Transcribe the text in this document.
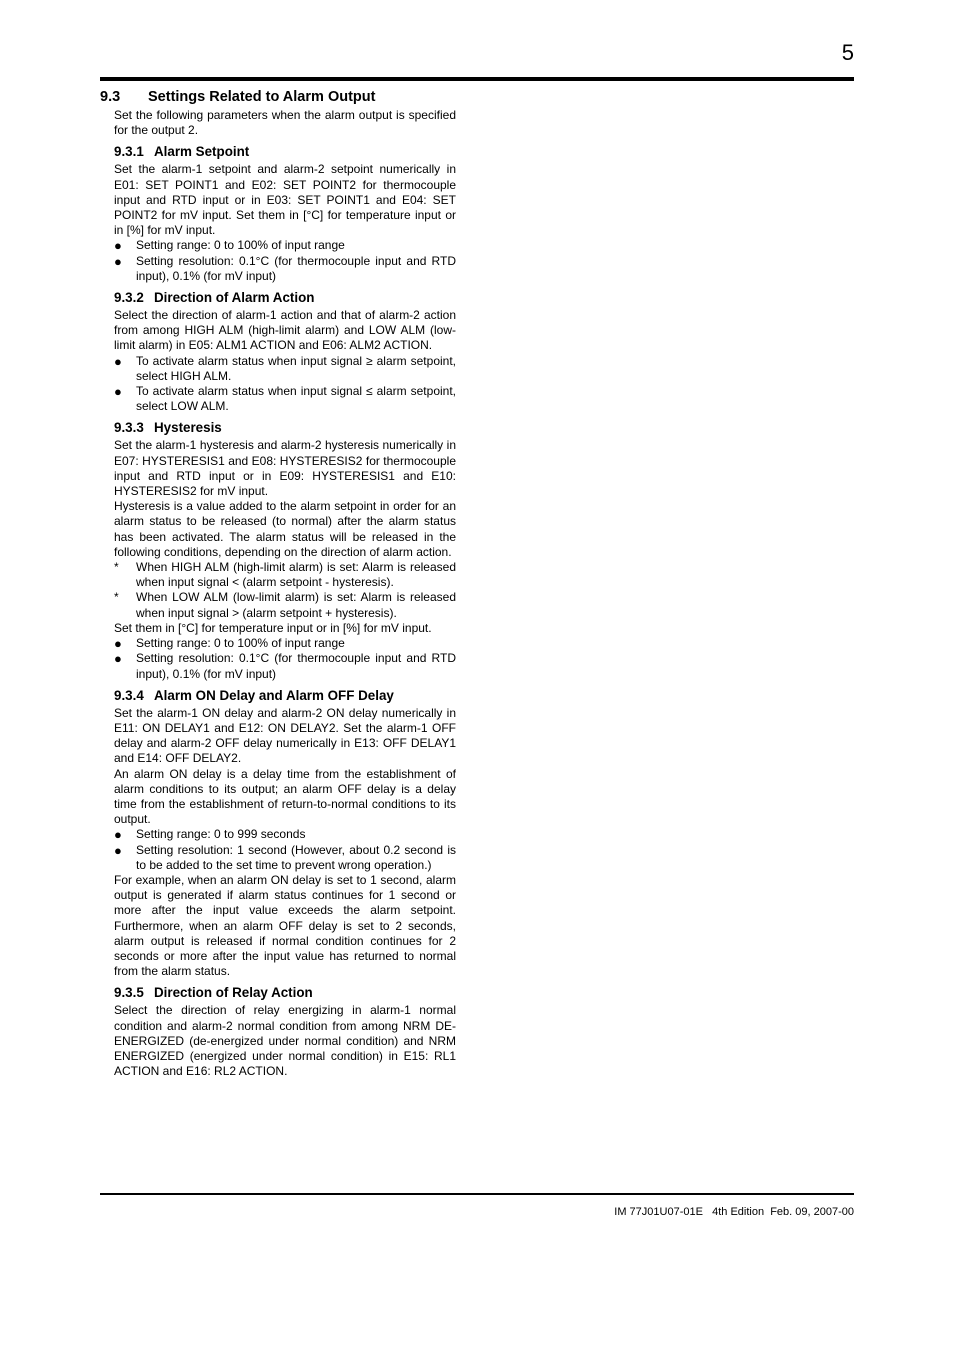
5
9.3 Settings Related to Alarm Output

Set the following parameters when the alarm output is specified for the output 2.

9.3.1 Alarm Setpoint

Set the alarm-1 setpoint and alarm-2 setpoint numerically in E01: SET POINT1 and E02: SET POINT2 for thermocouple input and RTD input or in E03: SET POINT1 and E04: SET POINT2 for mV input. Set them in [°C] for temperature input or in [%] for mV input.

● Setting range: 0 to 100% of input range
● Setting resolution: 0.1°C (for thermocouple input and RTD input), 0.1% (for mV input)
9.3.2 Direction of Alarm Action

Select the direction of alarm-1 action and that of alarm-2 action from among HIGH ALM (high-limit alarm) and LOW ALM (low-limit alarm) in E05: ALM1 ACTION and E06: ALM2 ACTION.

● To activate alarm status when input signal ≥ alarm setpoint, select HIGH ALM.
● To activate alarm status when input signal ≤ alarm setpoint, select LOW ALM.
9.3.3 Hysteresis

Set the alarm-1 hysteresis and alarm-2 hysteresis numerically in E07: HYSTERESIS1 and E08: HYSTERESIS2 for thermocouple input and RTD input or in E09: HYSTERESIS1 and E10: HYSTERESIS2 for mV input.

Hysteresis is a value added to the alarm setpoint in order for an alarm status to be released (to normal) after the alarm status has been activated. The alarm status will be released in the following conditions, depending on the direction of alarm action.

* When HIGH ALM (high-limit alarm) is set: Alarm is released when input signal < (alarm setpoint - hysteresis).
* When LOW ALM (low-limit alarm) is set: Alarm is released when input signal > (alarm setpoint + hysteresis).

Set them in [°C] for temperature input or in [%] for mV input.

● Setting range: 0 to 100% of input range
● Setting resolution: 0.1°C (for thermocouple input and RTD input), 0.1% (for mV input)
9.3.4 Alarm ON Delay and Alarm OFF Delay

Set the alarm-1 ON delay and alarm-2 ON delay numerically in E11: ON DELAY1 and E12: ON DELAY2. Set the alarm-1 OFF delay and alarm-2 OFF delay numerically in E13: OFF DELAY1 and E14: OFF DELAY2.

An alarm ON delay is a delay time from the establishment of alarm conditions to its output; an alarm OFF delay is a delay time from the establishment of return-to-normal conditions to its output.

● Setting range: 0 to 999 seconds
● Setting resolution: 1 second (However, about 0.2 second is to be added to the set time to prevent wrong operation.)

For example, when an alarm ON delay is set to 1 second, alarm output is generated if alarm status continues for 1 second or more after the input value exceeds the alarm setpoint. Furthermore, when an alarm OFF delay is set to 2 seconds, alarm output is released if normal condition continues for 2 seconds or more after the input value has returned to normal from the alarm status.

9.3.5 Direction of Relay Action

Select the direction of relay energizing in alarm-1 normal condition and alarm-2 normal condition from among NRM DE-ENERGIZED (de-energized under normal condition) and NRM ENERGIZED (energized under normal condition) in E15: RL1 ACTION and E16: RL2 ACTION.

IM 77J01U07-01E   4th Edition  Feb. 09, 2007-00
